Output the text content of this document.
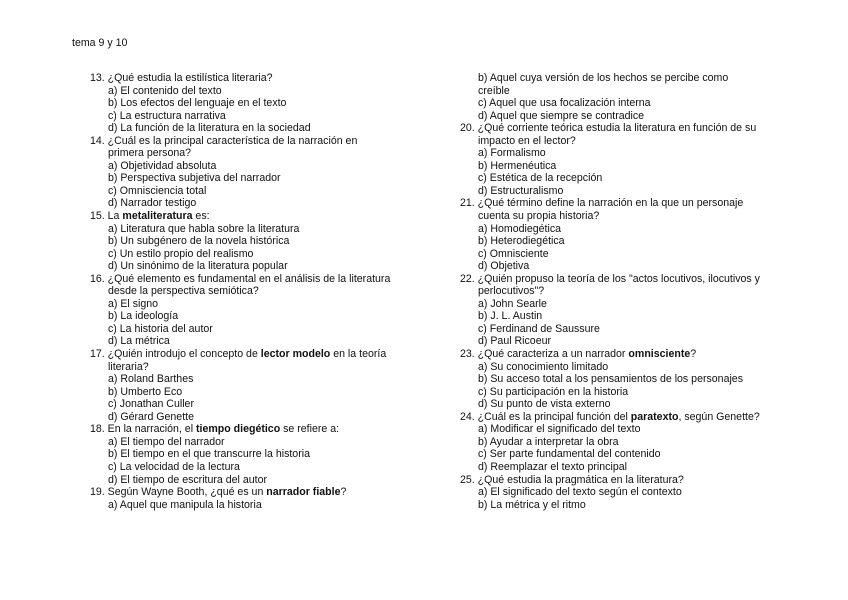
tema 9 y 10
13. ¿Qué estudia la estilística literaria?
a) El contenido del texto
b) Los efectos del lenguaje en el texto
c) La estructura narrativa
d) La función de la literatura en la sociedad
14. ¿Cuál es la principal característica de la narración en
primera persona?
a) Objetividad absoluta
b) Perspectiva subjetiva del narrador
c) Omnisciencia total
d) Narrador testigo
15. La metaliteratura es:
a) Literatura que habla sobre la literatura
b) Un subgénero de la novela histórica
c) Un estilo propio del realismo
d) Un sinónimo de la literatura popular
16. ¿Qué elemento es fundamental en el análisis de la literatura
desde la perspectiva semiótica?
a) El signo
b) La ideología
c) La historia del autor
d) La métrica
17. ¿Quién introdujo el concepto de lector modelo en la teoría
literaria?
a) Roland Barthes
b) Umberto Eco
c) Jonathan Culler
d) Gérard Genette
18. En la narración, el tiempo diegético se refiere a:
a) El tiempo del narrador
b) El tiempo en el que transcurre la historia
c) La velocidad de la lectura
d) El tiempo de escritura del autor
19. Según Wayne Booth, ¿qué es un narrador fiable?
a) Aquel que manipula la historia
b) Aquel cuya versión de los hechos se percibe como
creíble
c) Aquel que usa focalización interna
d) Aquel que siempre se contradice
20. ¿Qué corriente teórica estudia la literatura en función de su
impacto en el lector?
a) Formalismo
b) Hermenéutica
c) Estética de la recepción
d) Estructuralismo
21. ¿Qué término define la narración en la que un personaje
cuenta su propia historia?
a) Homodiegética
b) Heterodiegética
c) Omnisciente
d) Objetiva
22. ¿Quién propuso la teoría de los "actos locutivos, ilocutivos y
perlocutivos"?
a) John Searle
b) J. L. Austin
c) Ferdinand de Saussure
d) Paul Ricoeur
23. ¿Qué caracteriza a un narrador omnisciente?
a) Su conocimiento limitado
b) Su acceso total a los pensamientos de los personajes
c) Su participación en la historia
d) Su punto de vista externo
24. ¿Cuál es la principal función del paratexto, según Genette?
a) Modificar el significado del texto
b) Ayudar a interpretar la obra
c) Ser parte fundamental del contenido
d) Reemplazar el texto principal
25. ¿Qué estudia la pragmática en la literatura?
a) El significado del texto según el contexto
b) La métrica y el ritmo
